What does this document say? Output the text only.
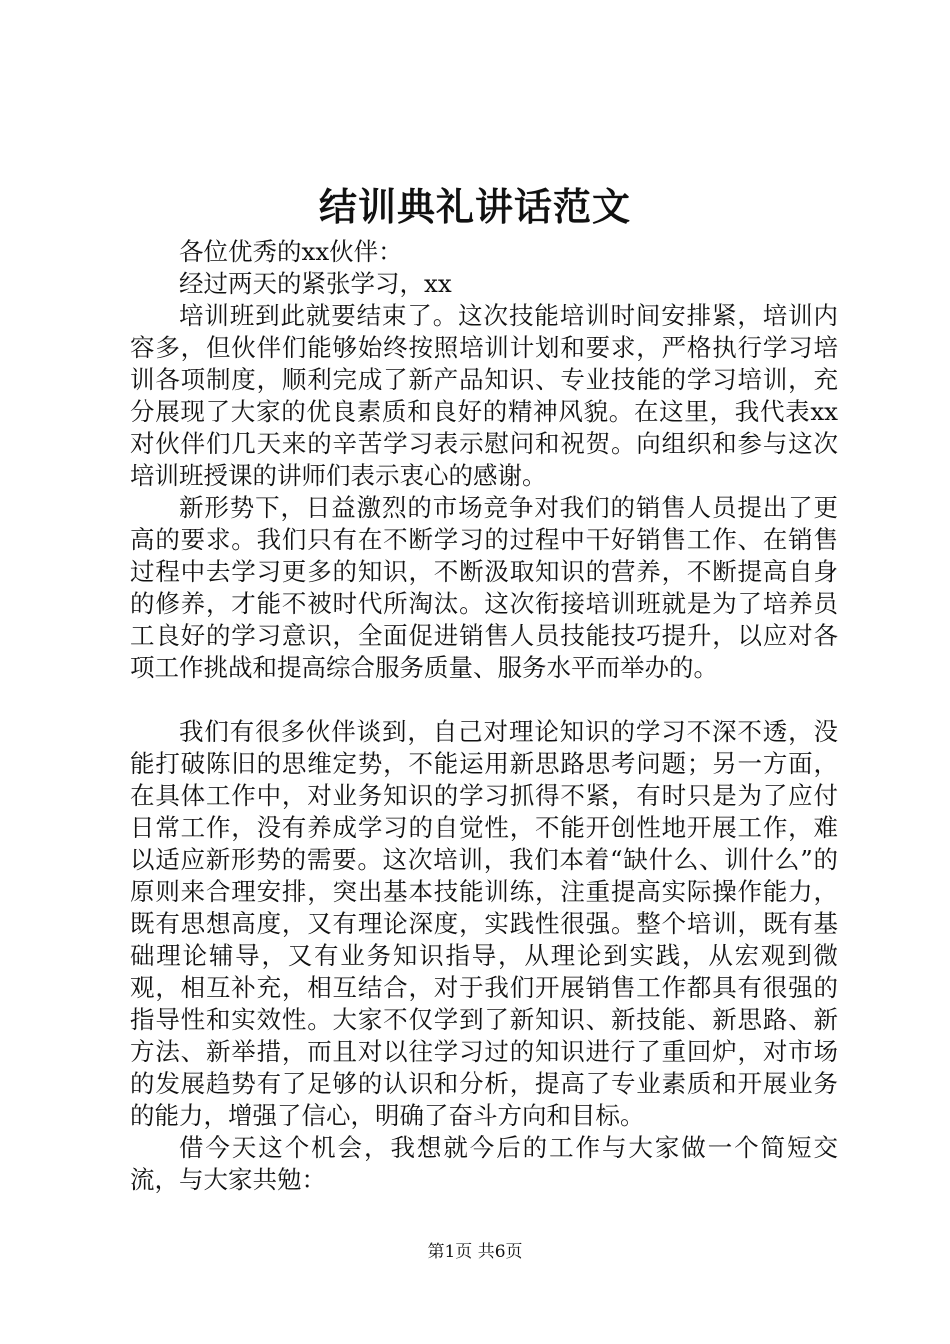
结训典礼讲话范文

各位优秀的xx伙伴：

经过两天的紧张学习，xx

培训班到此就要结束了。这次技能培训时间安排紧，培训内容多，但伙伴们能够始终按照培训计划和要求，严格执行学习培训各项制度，顺利完成了新产品知识、专业技能的学习培训，充分展现了大家的优良素质和良好的精神风貌。在这里，我代表xx对伙伴们几天来的辛苦学习表示慰问和祝贺。向组织和参与这次培训班授课的讲师们表示衷心的感谢。

新形势下，日益激烈的市场竞争对我们的销售人员提出了更高的要求。我们只有在不断学习的过程中干好销售工作、在销售过程中去学习更多的知识，不断汲取知识的营养，不断提高自身的修养，才能不被时代所淘汰。这次衔接培训班就是为了培养员工良好的学习意识，全面促进销售人员技能技巧提升，以应对各项工作挑战和提高综合服务质量、服务水平而举办的。

我们有很多伙伴谈到，自己对理论知识的学习不深不透，没能打破陈旧的思维定势，不能运用新思路思考问题；另一方面，在具体工作中，对业务知识的学习抓得不紧，有时只是为了应付日常工作，没有养成学习的自觉性，不能开创性地开展工作，难以适应新形势的需要。这次培训，我们本着“缺什么、训什么”的原则来合理安排，突出基本技能训练，注重提高实际操作能力，既有思想高度，又有理论深度，实践性很强。整个培训，既有基础理论辅导，又有业务知识指导，从理论到实践，从宏观到微观，相互补充，相互结合，对于我们开展销售工作都具有很强的指导性和实效性。大家不仅学到了新知识、新技能、新思路、新方法、新举措，而且对以往学习过的知识进行了重回炉，对市场的发展趋势有了足够的认识和分析，提高了专业素质和开展业务的能力，增强了信心，明确了奋斗方向和目标。

借今天这个机会，我想就今后的工作与大家做一个简短交流，与大家共勉：

第1页 共6页
